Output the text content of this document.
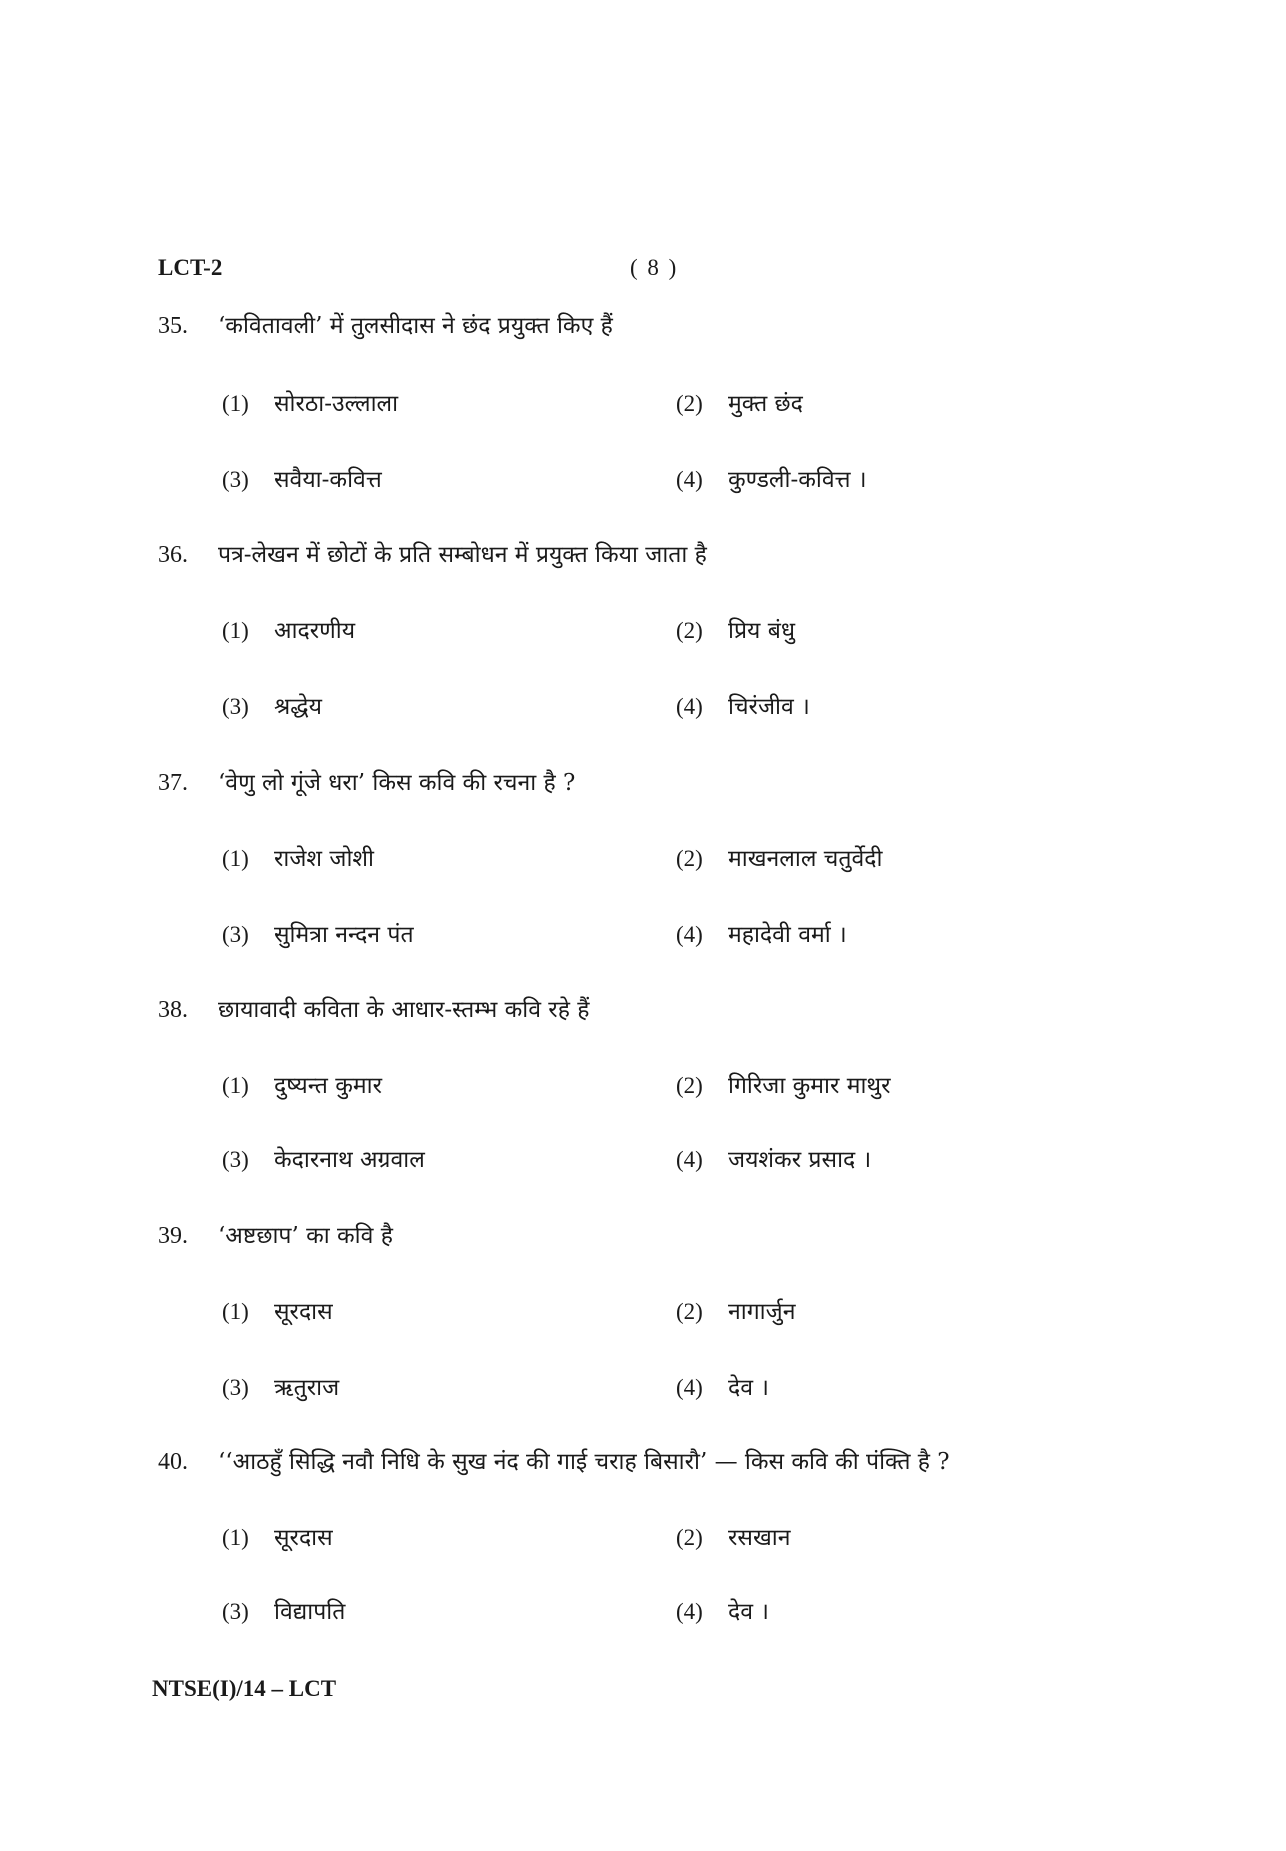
LCT-2	( 8 )
35. ‘कवितावली’ में तुलसीदास ने छंद प्रयुक्त किए हैं
(1) सोरठा-उल्लाला	(2) मुक्त छंद
(3) सवैया-कवित्त	(4) कुण्डली-कवित्त ।
36. पत्र-लेखन में छोटों के प्रति सम्बोधन में प्रयुक्त किया जाता है
(1) आदरणीय	(2) प्रिय बंधु
(3) श्रद्धेय	(4) चिरंजीव ।
37. ‘वेणु लो गूंजे धरा’ किस कवि की रचना है ?
(1) राजेश जोशी	(2) माखनलाल चतुर्वेदी
(3) सुमित्रा नन्दन पंत	(4) महादेवी वर्मा ।
38. छायावादी कविता के आधार-स्तम्भ कवि रहे हैं
(1) दुष्यन्त कुमार	(2) गिरिजा कुमार माथुर
(3) केदारनाथ अग्रवाल	(4) जयशंकर प्रसाद ।
39. ‘अष्टछाप’ का कवि है
(1) सूरदास	(2) नागार्जुन
(3) ऋतुराज	(4) देव ।
40. ‘‘आठहुँ सिद्धि नवौ निधि के सुख नंद की गाई चराह बिसारौ’ — किस कवि की पंक्ति है ?
(1) सूरदास	(2) रसखान
(3) विद्यापति	(4) देव ।
NTSE(I)/14 – LCT
